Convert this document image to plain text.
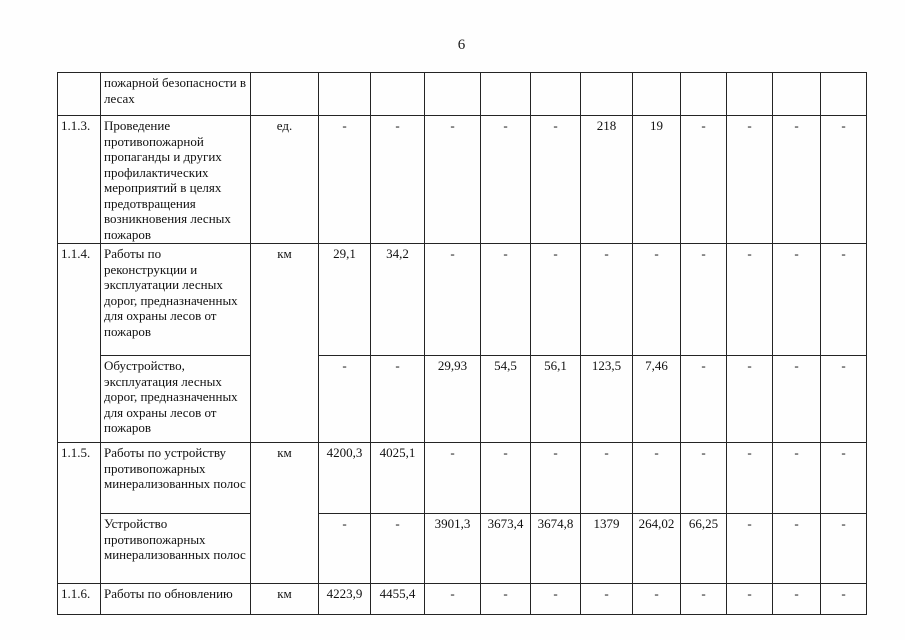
6
	пожарной безопасности в лесах												
1.1.3.	Проведение противопожарной пропаганды и других профилактических мероприятий в целях предотвращения возникновения лесных пожаров	ед.	-	-	-	-	-	218	19	-	-	-	-
1.1.4.	Работы по реконструкции и эксплуатации лесных дорог, предназначенных для охраны лесов от пожаров	км	29,1	34,2	-	-	-	-	-	-	-	-	-
	Обустройство, эксплуатация лесных дорог, предназначенных для охраны лесов от пожаров		-	-	29,93	54,5	56,1	123,5	7,46	-	-	-	-
1.1.5.	Работы по устройству противопожарных минерализованных полос	км	4200,3	4025,1	-	-	-	-	-	-	-	-	-
	Устройство противопожарных минерализованных полос		-	-	3901,3	3673,4	3674,8	1379	264,02	66,25	-	-	-
1.1.6.	Работы по обновлению	км	4223,9	4455,4	-	-	-	-	-	-	-	-	-
